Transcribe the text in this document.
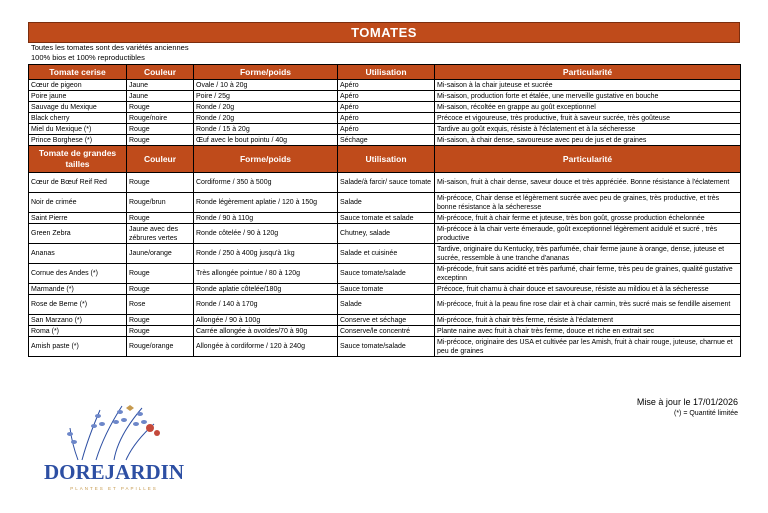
TOMATES
Toutes les tomates sont des variétés anciennes
100% bios et 100% reproductibles
Tomate cerise	Couleur	Forme/poids	Utilisation	Particularité
Cœur de pigeon	Jaune	Ovale / 10 à 20g	Apéro	Mi-saison à la chair juteuse et sucrée
Poire jaune	Jaune	Poire / 25g	Apéro	Mi-saison, production forte et étalée, une merveille gustative en bouche
Sauvage du Mexique	Rouge	Ronde / 20g	Apéro	Mi-saison, récoltée en grappe au goût exceptionnel
Black cherry	Rouge/noire	Ronde / 20g	Apéro	Précoce et vigoureuse, très productive, fruit à saveur sucrée, très goûteuse
Miel du Mexique (*)	Rouge	Ronde / 15 à 20g	Apéro	Tardive au goût exquis, résiste à l'éclatement et à la sécheresse
Prince Borghese (*)	Rouge	Œuf avec le bout pointu / 40g	Séchage	Mi-saison, à chair dense, savoureuse avec peu de jus et de graines
Tomate de grandes tailles	Couleur	Forme/poids	Utilisation	Particularité
Cœur de Bœuf Reif Red	Rouge	Cordiforme / 350 à 500g	Salade/à farcir/ sauce tomate	Mi-saison, fruit à chair dense, saveur douce et très appréciée. Bonne résistance à l'éclatement
Noir de crimée	Rouge/brun	Ronde légèrement aplatie / 120 à 150g	Salade	Mi-précoce, Chair dense et légèrement sucrée avec peu de graines, très productive, et très bonne résistance à la sécheresse
Saint Pierre	Rouge	Ronde / 90 à 110g	Sauce tomate et salade	Mi-précoce, fruit à chair ferme et juteuse, très bon goût, grosse production échelonnée
Green Zebra	Jaune avec des zébrures vertes	Ronde côtelée / 90 à 120g	Chutney, salade	Mi-précoce à la chair verte émeraude, goût exceptionnel légèrement acidulé et sucré , très productive
Ananas	Jaune/orange	Ronde / 250 à 400g jusqu'à 1kg	Salade et cuisinée	Tardive, originaire du Kentucky, très parfumée, chair ferme jaune à orange, dense, juteuse et sucrée, ressemble à une tranche d'ananas
Cornue des Andes (*)	Rouge	Très allongée pointue / 80 à 120g	Sauce tomate/salade	Mi-précode, fruit sans acidité et très parfumé, chair ferme, très peu de graines, qualité gustative exceptinn
Marmande (*)	Rouge	Ronde aplatie côtelée/180g	Sauce tomate	Précoce, fruit charnu à chair douce et savoureuse, résiste au mildiou et à la sécheresse
Rose de Berne (*)	Rose	Ronde / 140 à 170g	Salade	Mi-précoce, fruit à la peau fine rose clair et à chair carmin, très sucré mais se fendille aisement
San Marzano (*)	Rouge	Allongée / 90 à 100g	Conserve et séchage	Mi-précoce, fruit à chair très ferme, résiste à l'éclatement
Roma (*)	Rouge	Carrée allongée à ovoïdes/70 à 90g	Conserve/le concentré	Plante naine avec fruit à chair très ferme, douce et riche en extrait sec
Amish paste (*)	Rouge/orange	Allongée à cordiforme / 120 à 240g	Sauce tomate/salade	Mi-précoce, originaire des USA et cultivée par les Amish, fruit à chair rouge, juteuse, charnue et peu de graines
Mise à jour le 17/01/2026
(*) = Quantité limitée
DOREJARDIN
PLANTES ET PAPILLES
